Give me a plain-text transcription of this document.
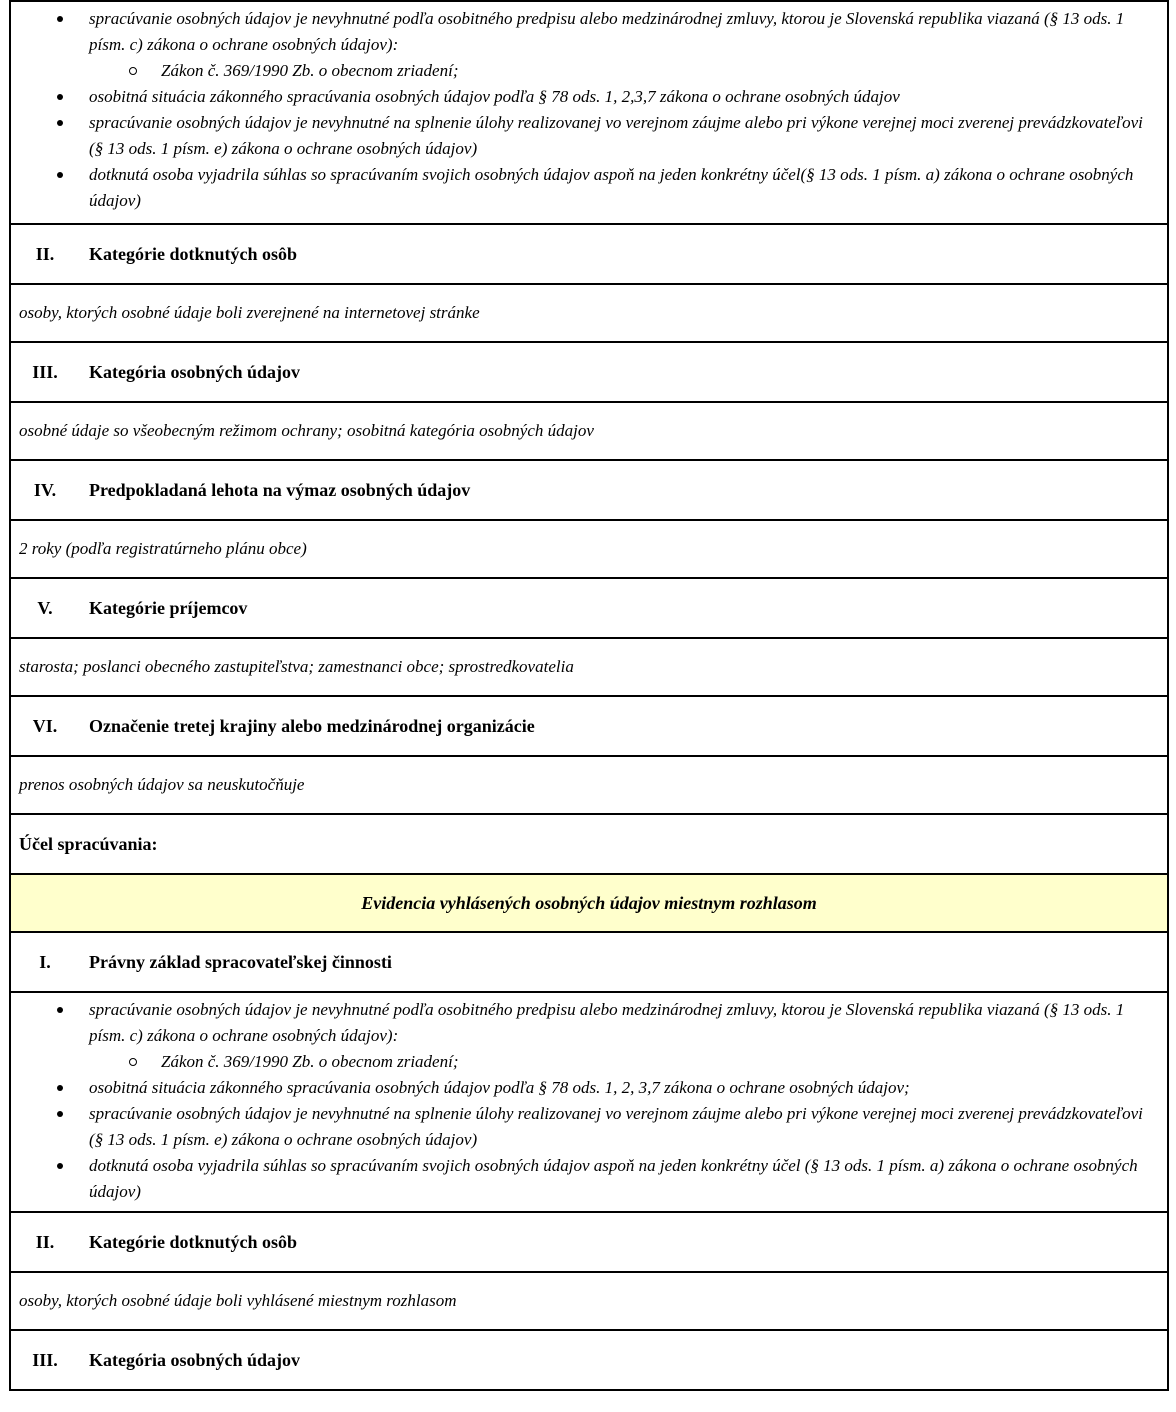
spracúvanie osobných údajov je nevyhnutné podľa osobitného predpisu alebo medzinárodnej zmluvy, ktorou je Slovenská republika viazaná (§ 13 ods. 1 písm. c) zákona o ochrane osobných údajov):
Zákon č. 369/1990 Zb. o obecnom zriadení;
osobitná situácia zákonného spracúvania osobných údajov podľa § 78 ods. 1, 2,3,7 zákona o ochrane osobných údajov
spracúvanie osobných údajov je nevyhnutné na splnenie úlohy realizovanej vo verejnom záujme alebo pri výkone verejnej moci zverenej prevádzkovateľovi (§ 13 ods. 1 písm. e) zákona o ochrane osobných údajov)
dotknutá osoba vyjadrila súhlas so spracúvaním svojich osobných údajov aspoň na jeden konkrétny účel(§ 13 ods. 1 písm. a) zákona o ochrane osobných údajov)
II.	Kategórie dotknutých osôb
osoby, ktorých osobné údaje boli zverejnené na internetovej stránke
III.	Kategória osobných údajov
osobné údaje so všeobecným režimom ochrany; osobitná kategória osobných údajov
IV.	Predpokladaná lehota na výmaz osobných údajov
2 roky (podľa registratúrneho plánu obce)
V.	Kategórie príjemcov
starosta; poslanci obecného zastupiteľstva; zamestnanci obce; sprostredkovatelia
VI.	Označenie tretej krajiny alebo medzinárodnej organizácie
prenos osobných údajov sa neuskutočňuje
Účel spracúvania:
Evidencia vyhlásených osobných údajov miestnym rozhlasom
I.	Právny základ spracovateľskej činnosti
spracúvanie osobných údajov je nevyhnutné podľa osobitného predpisu alebo medzinárodnej zmluvy, ktorou je Slovenská republika viazaná (§ 13 ods. 1 písm. c) zákona o ochrane osobných údajov):
Zákon č. 369/1990 Zb. o obecnom zriadení;
osobitná situácia zákonného spracúvania osobných údajov podľa § 78 ods. 1, 2, 3,7 zákona o ochrane osobných údajov;
spracúvanie osobných údajov je nevyhnutné na splnenie úlohy realizovanej vo verejnom záujme alebo pri výkone verejnej moci zverenej prevádzkovateľovi (§ 13 ods. 1 písm. e) zákona o ochrane osobných údajov)
dotknutá osoba vyjadrila súhlas so spracúvaním svojich osobných údajov aspoň na jeden konkrétny účel (§ 13 ods. 1 písm. a) zákona o ochrane osobných údajov)
II.	Kategórie dotknutých osôb
osoby, ktorých osobné údaje boli vyhlásené miestnym rozhlasom
III.	Kategória osobných údajov
